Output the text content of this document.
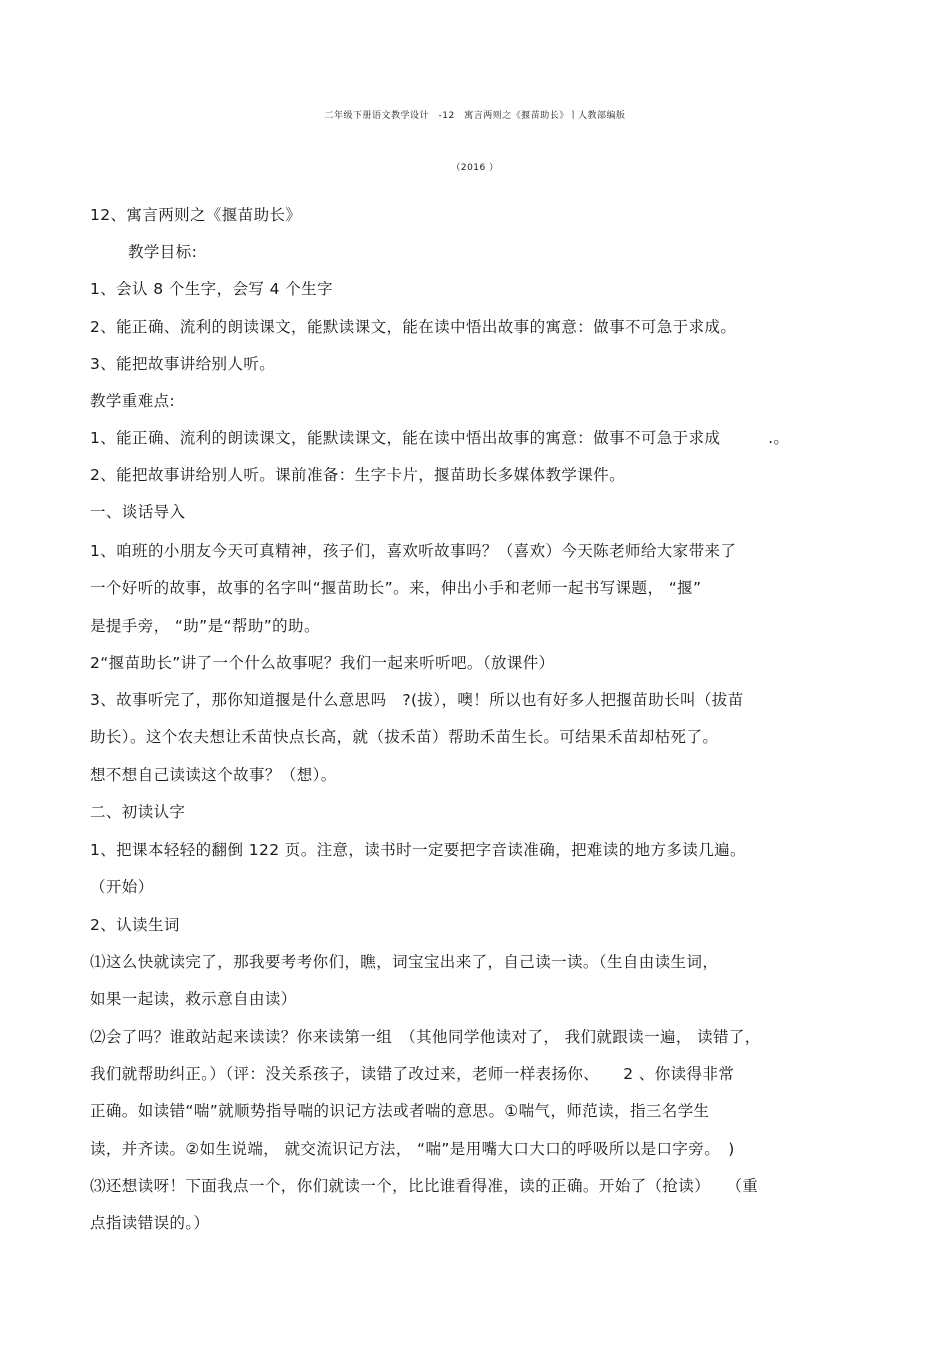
二年级下册语文教学设计　-12　寓言两则之《揠苗助长》ㅣ人教部编版
（2016 ）
12、寓言两则之《揠苗助长》
教学目标:
1、会认 8 个生字，会写 4 个生字
2、能正确、流利的朗读课文，能默读课文，能在读中悟出故事的寓意：做事不可急于求成。
3、能把故事讲给别人听。
教学重难点:
1、能正确、流利的朗读课文，能默读课文，能在读中悟出故事的寓意：做事不可急于求成　　　.。
2、能把故事讲给别人听。课前准备：生字卡片，揠苗助长多媒体教学课件。
一、谈话导入
1、咱班的小朋友今天可真精神，孩子们，喜欢听故事吗？（喜欢）今天陈老师给大家带来了
一个好听的故事，故事的名字叫“揠苗助长”。来，伸出小手和老师一起书写课题， “揠”
是提手旁， “助”是“帮助”的助。
2“揠苗助长”讲了一个什么故事呢？我们一起来听听吧。（放课件）
3、故事听完了，那你知道揠是什么意思吗　?(拔），噢！所以也有好多人把揠苗助长叫（拔苗
助长）。这个农夫想让禾苗快点长高，就（拔禾苗）帮助禾苗生长。可结果禾苗却枯死了。
想不想自己读读这个故事？（想）。
二、初读认字
1、把课本轻轻的翻倒 122 页。注意，读书时一定要把字音读准确，把难读的地方多读几遍。
（开始）
2、认读生词
⑴这么快就读完了，那我要考考你们，瞧，词宝宝出来了，自己读一读。（生自由读生词，
如果一起读，救示意自由读）
⑵会了吗？谁敢站起来读读？你来读第一组　（其他同学他读对了， 我们就跟读一遍， 读错了，
我们就帮助纠正。）（评：没关系孩子，读错了改过来，老师一样表扬你、　　2 、你读得非常
正确。如读错“喘”就顺势指导喘的识记方法或者喘的意思。①喘气，师范读，指三名学生
读，并齐读。②如生说端， 就交流识记方法， “喘”是用嘴大口大口的呼吸所以是口字旁。　)
⑶还想读呀！下面我点一个，你们就读一个，比比谁看得准，读的正确。开始了（抢读）　　（重
点指读错误的。）
